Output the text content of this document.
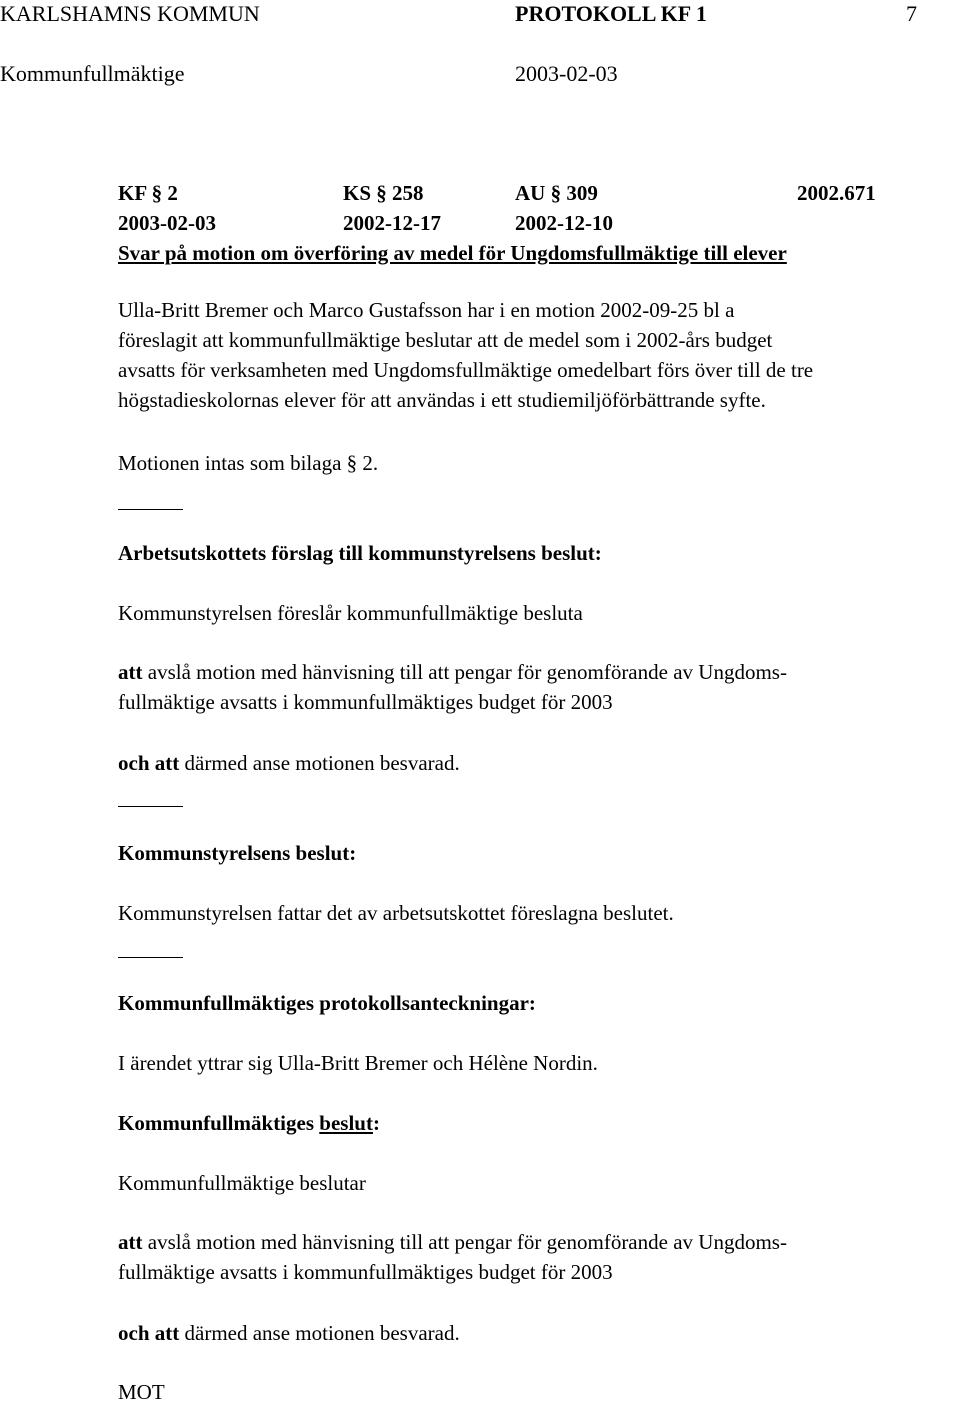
KARLSHAMNS KOMMUN	PROTOKOLL KF 1	7
Kommunfullmäktige	2003-02-03
KF § 2	KS § 258	AU § 309	2002.671
2003-02-03	2002-12-17	2002-12-10
Svar på motion om överföring av medel för Ungdomsfullmäktige till elever
Ulla-Britt Bremer och Marco Gustafsson har i en motion 2002-09-25 bl a
föreslagit att kommunfullmäktige beslutar att de medel som i 2002-års budget
avsatts för verksamheten med Ungdomsfullmäktige omedelbart förs över till de tre
högstadieskolornas elever för att användas i ett studiemiljöförbättrande syfte.
Motionen intas som bilaga § 2.
Arbetsutskottets förslag till kommunstyrelsens beslut:
Kommunstyrelsen föreslår kommunfullmäktige besluta
att avslå motion med hänvisning till att pengar för genomförande av Ungdoms-
fullmäktige avsatts i kommunfullmäktiges budget för 2003
och att därmed anse motionen besvarad.
Kommunstyrelsens beslut:
Kommunstyrelsen fattar det av arbetsutskottet föreslagna beslutet.
Kommunfullmäktiges protokollsanteckningar:
I ärendet yttrar sig Ulla-Britt Bremer och Hélène Nordin.
Kommunfullmäktiges beslut:
Kommunfullmäktige beslutar
att avslå motion med hänvisning till att pengar för genomförande av Ungdoms-
fullmäktige avsatts i kommunfullmäktiges budget för 2003
och att därmed anse motionen besvarad.
MOT
